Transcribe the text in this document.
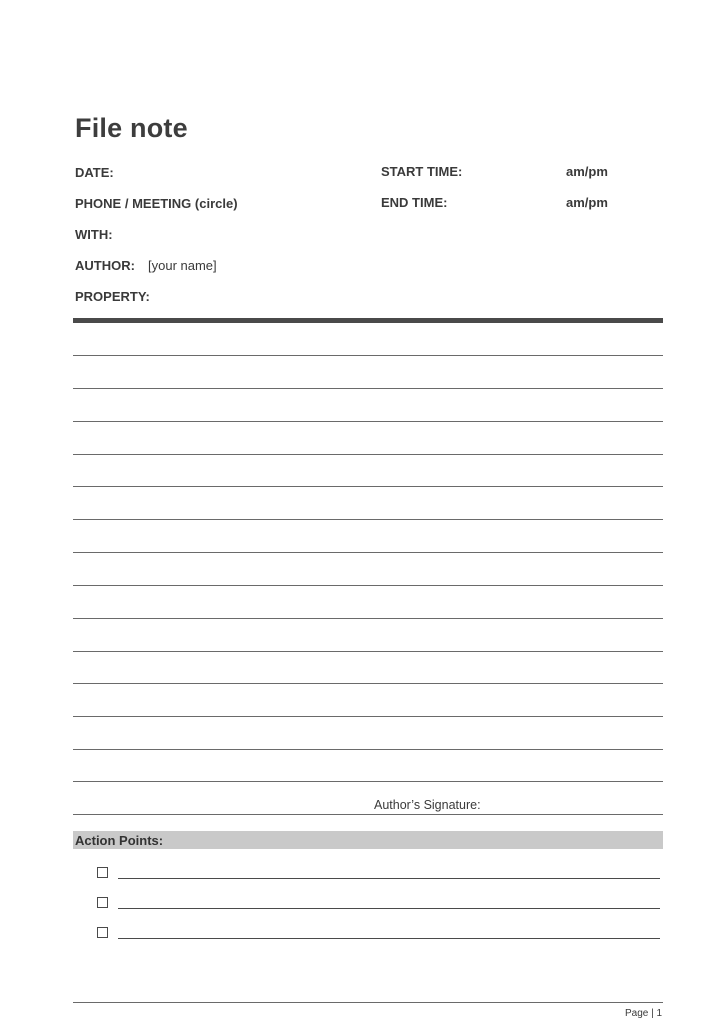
File note
DATE:
PHONE / MEETING (circle)
WITH:
AUTHOR: [your name]
PROPERTY:
START TIME:
END TIME:
am/pm
am/pm
Author’s Signature:
Action Points:
Page | 1
